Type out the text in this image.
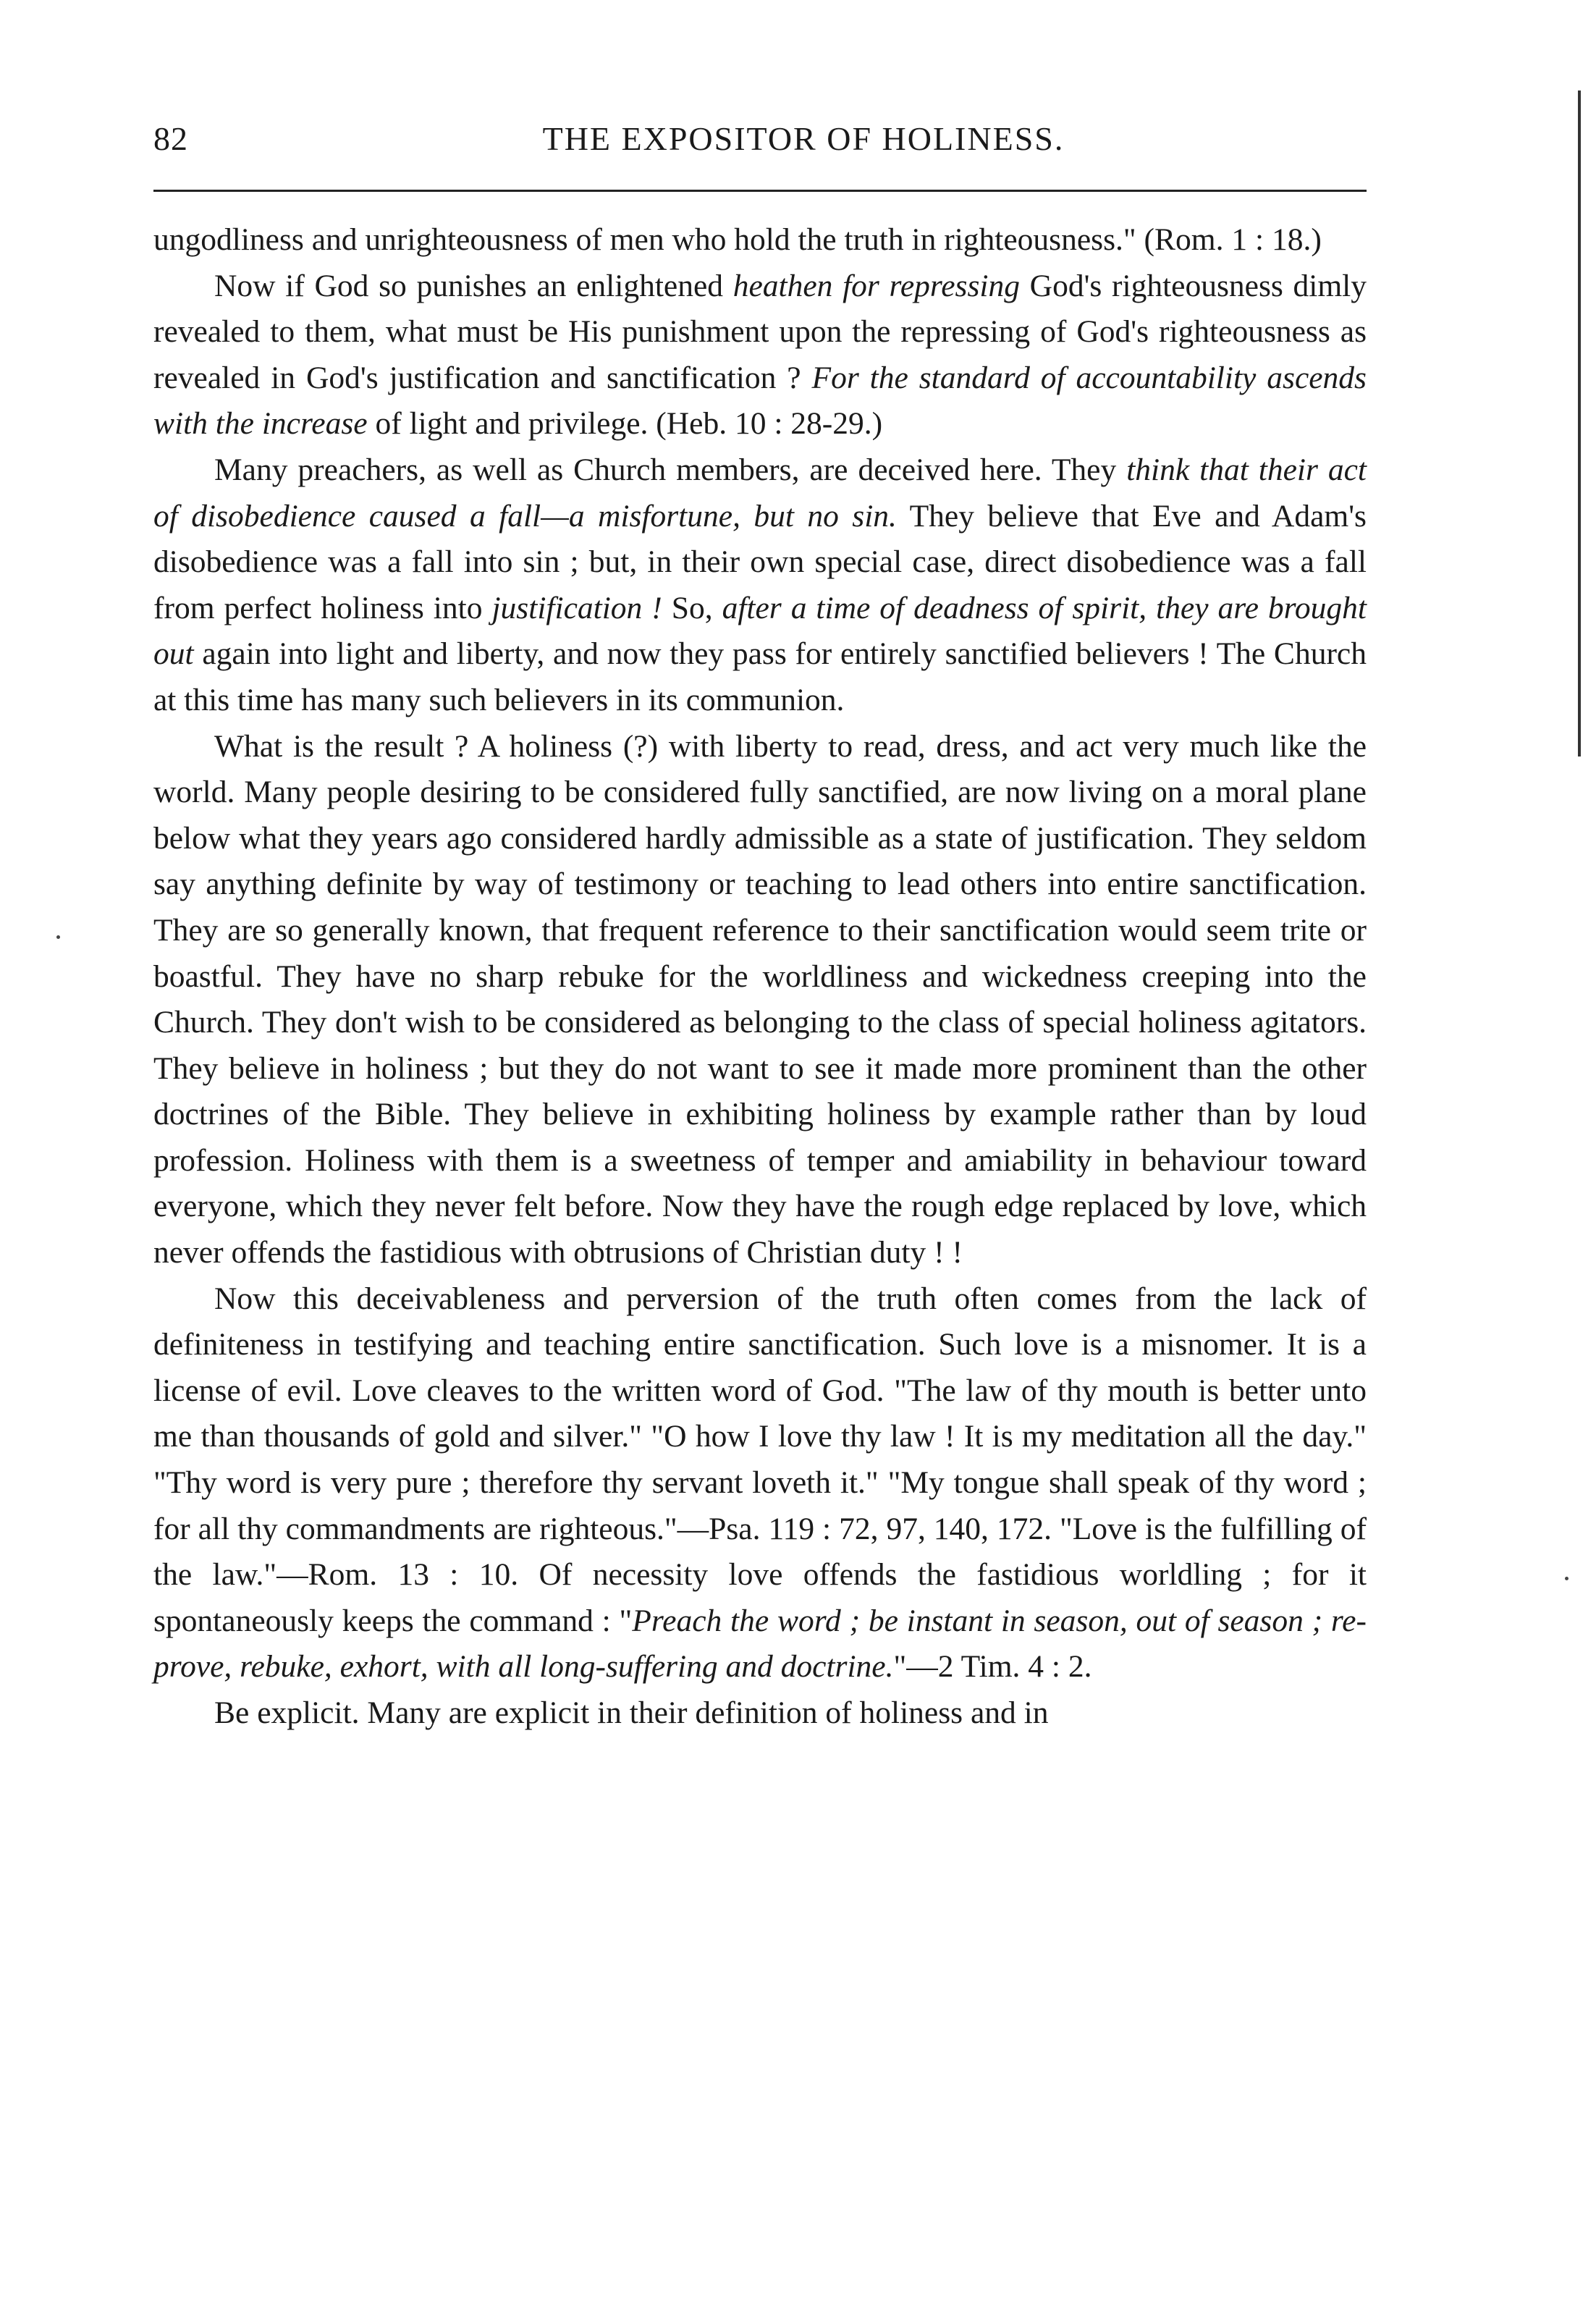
82	THE EXPOSITOR OF HOLINESS.

ungodliness and unrighteousness of men who hold the truth in righteousness." (Rom. 1 : 18.)

Now if God so punishes an enlightened heathen for repressing God's righteousness dimly revealed to them, what must be His punishment upon the repressing of God's righteousness as revealed in God's justification and sanctification ? For the standard of accountability ascends with the increase of light and privilege. (Heb. 10 : 28-29.)

Many preachers, as well as Church members, are deceived here. They think that their act of disobedience caused a fall—a misfortune, but no sin. They believe that Eve and Adam's disobedience was a fall into sin ; but, in their own special case, direct disobedience was a fall from perfect holiness into justification ! So, after a time of deadness of spirit, they are brought out again into light and liberty, and now they pass for entirely sanctified believers ! The Church at this time has many such believers in its communion.

What is the result ? A holiness (?) with liberty to read, dress, and act very much like the world. Many people desiring to be considered fully sanctified, are now living on a moral plane below what they years ago considered hardly admissible as a state of justification. They seldom say anything definite by way of testimony or teaching to lead others into entire sanctification. They are so generally known, that frequent reference to their sanctification would seem trite or boastful. They have no sharp rebuke for the worldliness and wickedness creeping into the Church. They don't wish to be considered as belonging to the class of special holiness agitators. They believe in holiness ; but they do not want to see it made more prominent than the other doctrines of the Bible. They believe in exhibiting holiness by example rather than by loud profession. Holiness with them is a sweetness of temper and amiability in behaviour toward everyone, which they never felt before. Now they have the rough edge replaced by love, which never offends the fastidious with obtrusions of Christian duty ! !

Now this deceivableness and perversion of the truth often comes from the lack of definiteness in testifying and teaching entire sanctification. Such love is a misnomer. It is a license of evil. Love cleaves to the written word of God. "The law of thy mouth is better unto me than thousands of gold and silver." "O how I love thy law ! It is my meditation all the day." "Thy word is very pure ; therefore thy servant loveth it." "My tongue shall speak of thy word ; for all thy commandments are righteous."—Psa. 119 : 72, 97, 140, 172. "Love is the fulfilling of the law."—Rom. 13 : 10. Of necessity love offends the fastidious worldling ; for it spontaneously keeps the command : "Preach the word ; be instant in season, out of season ; reprove, rebuke, exhort, with all long-suffering and doctrine."—2 Tim. 4 : 2.

Be explicit. Many are explicit in their definition of holiness and in
